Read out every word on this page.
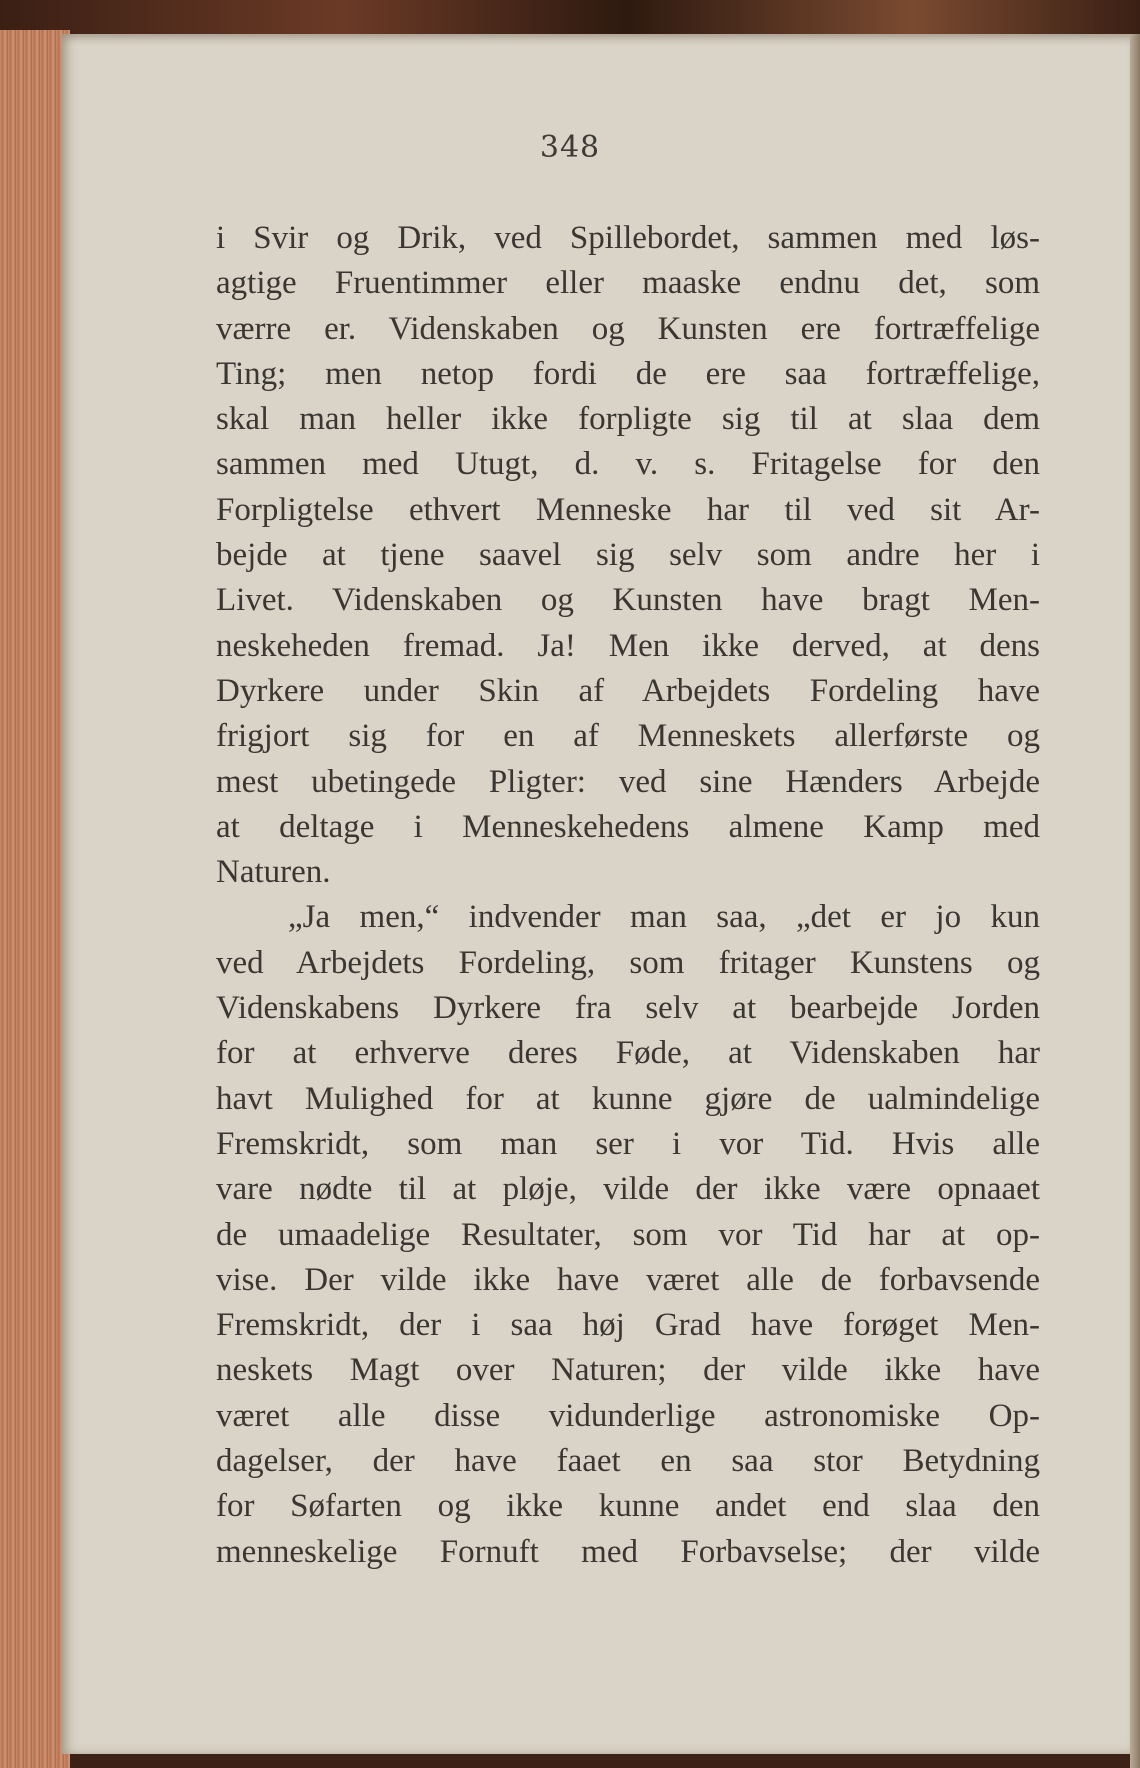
348
i Svir og Drik, ved Spillebordet, sammen med løs-
agtige Fruentimmer eller maaske endnu det, som
værre er. Videnskaben og Kunsten ere fortræffelige
Ting; men netop fordi de ere saa fortræffelige,
skal man heller ikke forpligte sig til at slaa dem
sammen med Utugt, d. v. s. Fritagelse for den
Forpligtelse ethvert Menneske har til ved sit Ar-
bejde at tjene saavel sig selv som andre her i
Livet. Videnskaben og Kunsten have bragt Men-
neskeheden fremad. Ja! Men ikke derved, at dens
Dyrkere under Skin af Arbejdets Fordeling have
frigjort sig for en af Menneskets allerførste og
mest ubetingede Pligter: ved sine Hænders Arbejde
at deltage i Menneskehedens almene Kamp med
Naturen.
„Ja men,“ indvender man saa, „det er jo kun
ved Arbejdets Fordeling, som fritager Kunstens og
Videnskabens Dyrkere fra selv at bearbejde Jorden
for at erhverve deres Føde, at Videnskaben har
havt Mulighed for at kunne gjøre de ualmindelige
Fremskridt, som man ser i vor Tid. Hvis alle
vare nødte til at pløje, vilde der ikke være opnaaet
de umaadelige Resultater, som vor Tid har at op-
vise. Der vilde ikke have været alle de forbavsende
Fremskridt, der i saa høj Grad have forøget Men-
neskets Magt over Naturen; der vilde ikke have
været alle disse vidunderlige astronomiske Op-
dagelser, der have faaet en saa stor Betydning
for Søfarten og ikke kunne andet end slaa den
menneskelige Fornuft med Forbavselse; der vilde
